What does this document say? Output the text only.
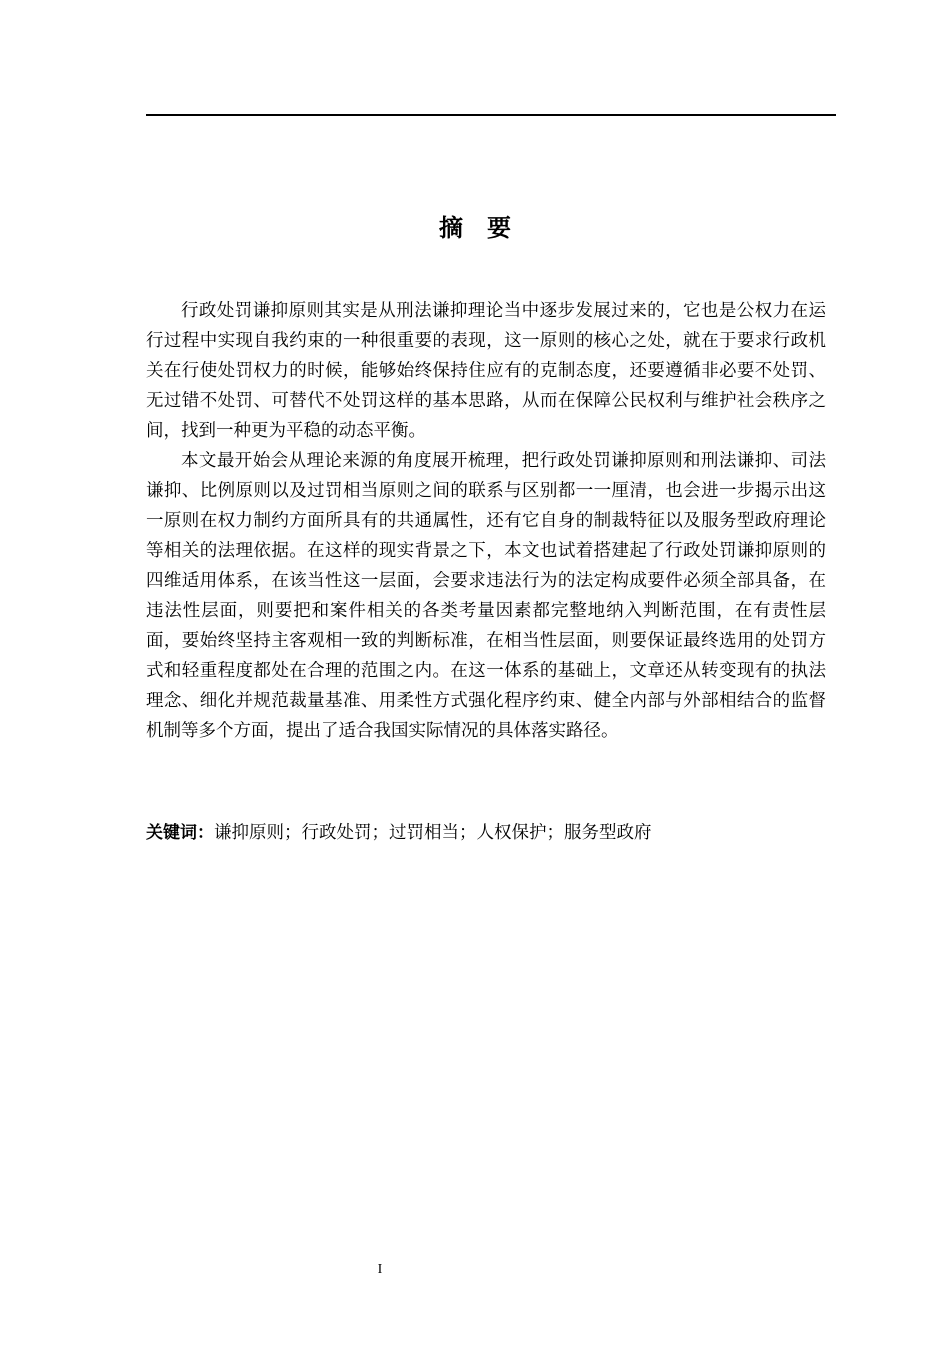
摘要

行政处罚谦抑原则其实是从刑法谦抑理论当中逐步发展过来的，它也是公权力在运行过程中实现自我约束的一种很重要的表现，这一原则的核心之处，就在于要求行政机关在行使处罚权力的时候，能够始终保持住应有的克制态度，还要遵循非必要不处罚、无过错不处罚、可替代不处罚这样的基本思路，从而在保障公民权利与维护社会秩序之间，找到一种更为平稳的动态平衡。

本文最开始会从理论来源的角度展开梳理，把行政处罚谦抑原则和刑法谦抑、司法谦抑、比例原则以及过罚相当原则之间的联系与区别都一一厘清，也会进一步揭示出这一原则在权力制约方面所具有的共通属性，还有它自身的制裁特征以及服务型政府理论等相关的法理依据。在这样的现实背景之下，本文也试着搭建起了行政处罚谦抑原则的四维适用体系，在该当性这一层面，会要求违法行为的法定构成要件必须全部具备，在违法性层面，则要把和案件相关的各类考量因素都完整地纳入判断范围，在有责性层面，要始终坚持主客观相一致的判断标准，在相当性层面，则要保证最终选用的处罚方式和轻重程度都处在合理的范围之内。在这一体系的基础上，文章还从转变现有的执法理念、细化并规范裁量基准、用柔性方式强化程序约束、健全内部与外部相结合的监督机制等多个方面，提出了适合我国实际情况的具体落实路径。

关键词：谦抑原则；行政处罚；过罚相当；人权保护；服务型政府
I
